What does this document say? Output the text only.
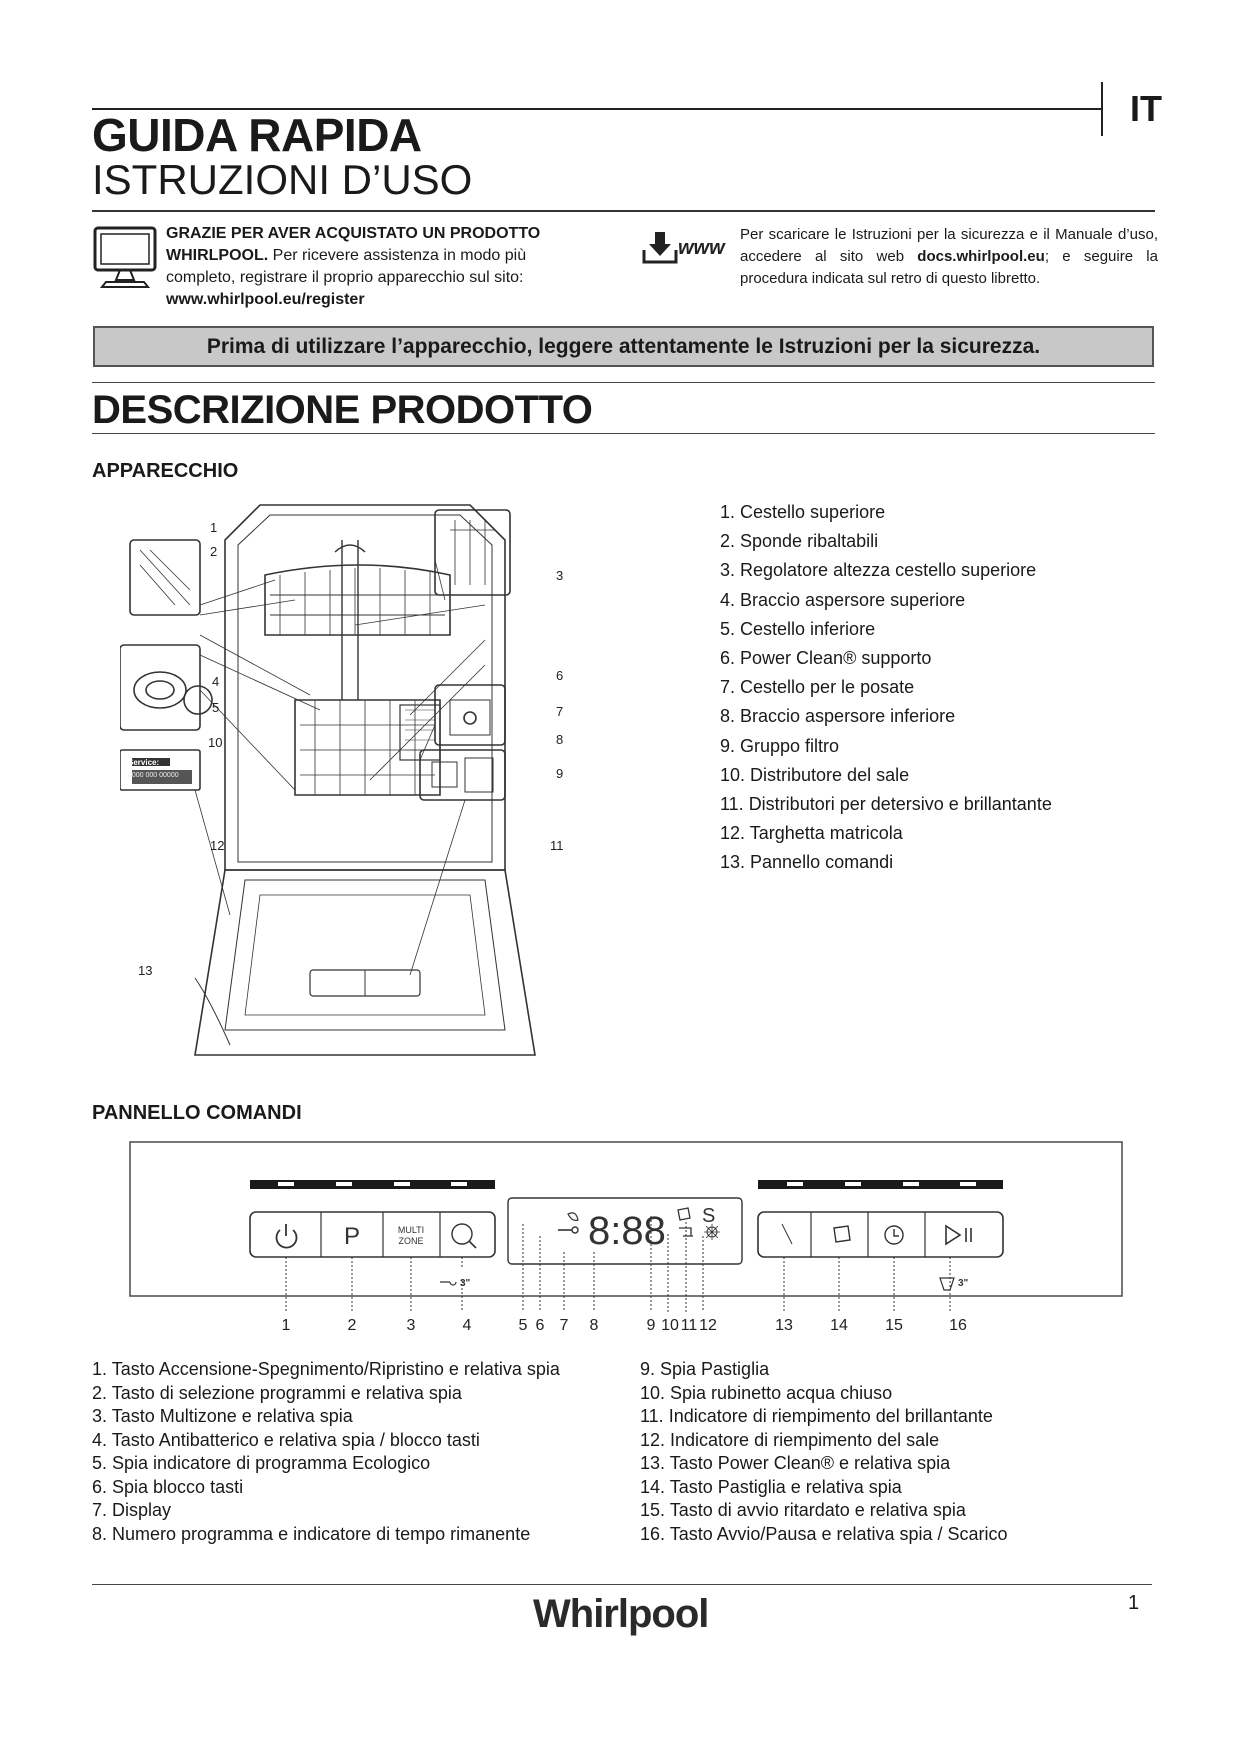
IT
GUIDA RAPIDA
ISTRUZIONI D’USO
GRAZIE PER AVER ACQUISTATO UN PRODOTTO WHIRLPOOL. Per ricevere assistenza in modo più completo, registrare il proprio apparecchio sul sito: www.whirlpool.eu/register
www
Per scaricare le Istruzioni per la sicurezza e il Manuale d’uso, accedere al sito web docs.whirlpool.eu; e seguire la procedura indicata sul retro di questo libretto.
Prima di utilizzare l’apparecchio, leggere attentamente le Istruzioni per la sicurezza.
DESCRIZIONE PRODOTTO
APPARECCHIO
Service:
0000 000 00000
1
2
3
4
5
6
7
8
9
10
11
12
13
1. Cestello superiore
2. Sponde ribaltabili
3. Regolatore altezza cestello superiore
4. Braccio aspersore superiore
5. Cestello inferiore
6. Power Clean® supporto
7. Cestello per le posate
8. Braccio aspersore inferiore
9. Gruppo filtro
10. Distributore del sale
11. Distributori per detersivo e brillantante
12. Targhetta matricola
13. Pannello comandi
PANNELLO COMANDI
P	MULTI
ZONE	8:88 S
3"	3"
1	2	3	4	5 6 7 8	9 10 11 12	13 14 15	16
1. Tasto Accensione-Spegnimento/Ripristino e relativa spia
2. Tasto di selezione programmi e relativa spia
3. Tasto Multizone e relativa spia
4. Tasto Antibatterico e relativa spia / blocco tasti
5. Spia indicatore di programma Ecologico
6. Spia blocco tasti
7. Display
8. Numero programma e indicatore di tempo rimanente
9. Spia Pastiglia
10. Spia rubinetto acqua chiuso
11. Indicatore di riempimento del brillantante
12. Indicatore di riempimento del sale
13. Tasto Power Clean® e relativa spia
14. Tasto Pastiglia e relativa spia
15. Tasto di avvio ritardato e relativa spia
16. Tasto Avvio/Pausa e relativa spia / Scarico
Whirlpool	1
